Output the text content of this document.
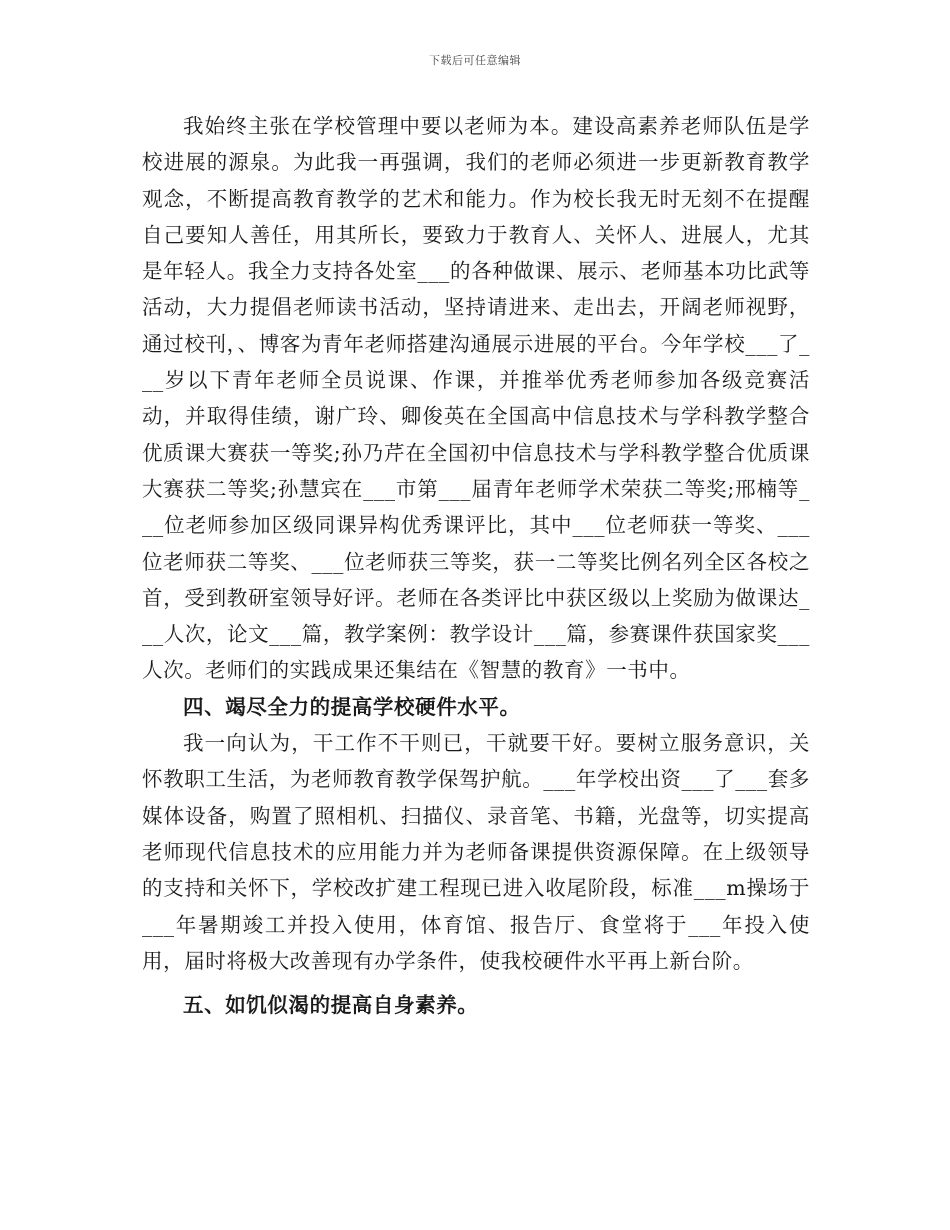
下载后可任意编辑

我始终主张在学校管理中要以老师为本。建设高素养老师队伍是学校进展的源泉。为此我一再强调，我们的老师必须进一步更新教育教学观念，不断提高教育教学的艺术和能力。作为校长我无时无刻不在提醒自己要知人善任，用其所长，要致力于教育人、关怀人、进展人，尤其是年轻人。我全力支持各处室___的各种做课、展示、老师基本功比武等活动，大力提倡老师读书活动，坚持请进来、走出去，开阔老师视野，通过校刊，、博客为青年老师搭建沟通展示进展的平台。今年学校___了___岁以下青年老师全员说课、作课，并推举优秀老师参加各级竞赛活动，并取得佳绩，谢广玲、卿俊英在全国高中信息技术与学科教学整合优质课大赛获一等奖;孙乃芹在全国初中信息技术与学科教学整合优质课大赛获二等奖;孙慧宾在___市第___届青年老师学术荣获二等奖;邢楠等___位老师参加区级同课异构优秀课评比，其中___位老师获一等奖、___位老师获二等奖、___位老师获三等奖，获一二等奖比例名列全区各校之首，受到教研室领导好评。老师在各类评比中获区级以上奖励为做课达___人次，论文___篇，教学案例：教学设计___篇，参赛课件获国家奖___人次。老师们的实践成果还集结在《智慧的教育》一书中。

四、竭尽全力的提高学校硬件水平。

我一向认为，干工作不干则已，干就要干好。要树立服务意识，关怀教职工生活，为老师教育教学保驾护航。___年学校出资___了___套多媒体设备，购置了照相机、扫描仪、录音笔、书籍，光盘等，切实提高老师现代信息技术的应用能力并为老师备课提供资源保障。在上级领导的支持和关怀下，学校改扩建工程现已进入收尾阶段，标准___m操场于___年暑期竣工并投入使用，体育馆、报告厅、食堂将于___年投入使用，届时将极大改善现有办学条件，使我校硬件水平再上新台阶。

五、如饥似渴的提高自身素养。
